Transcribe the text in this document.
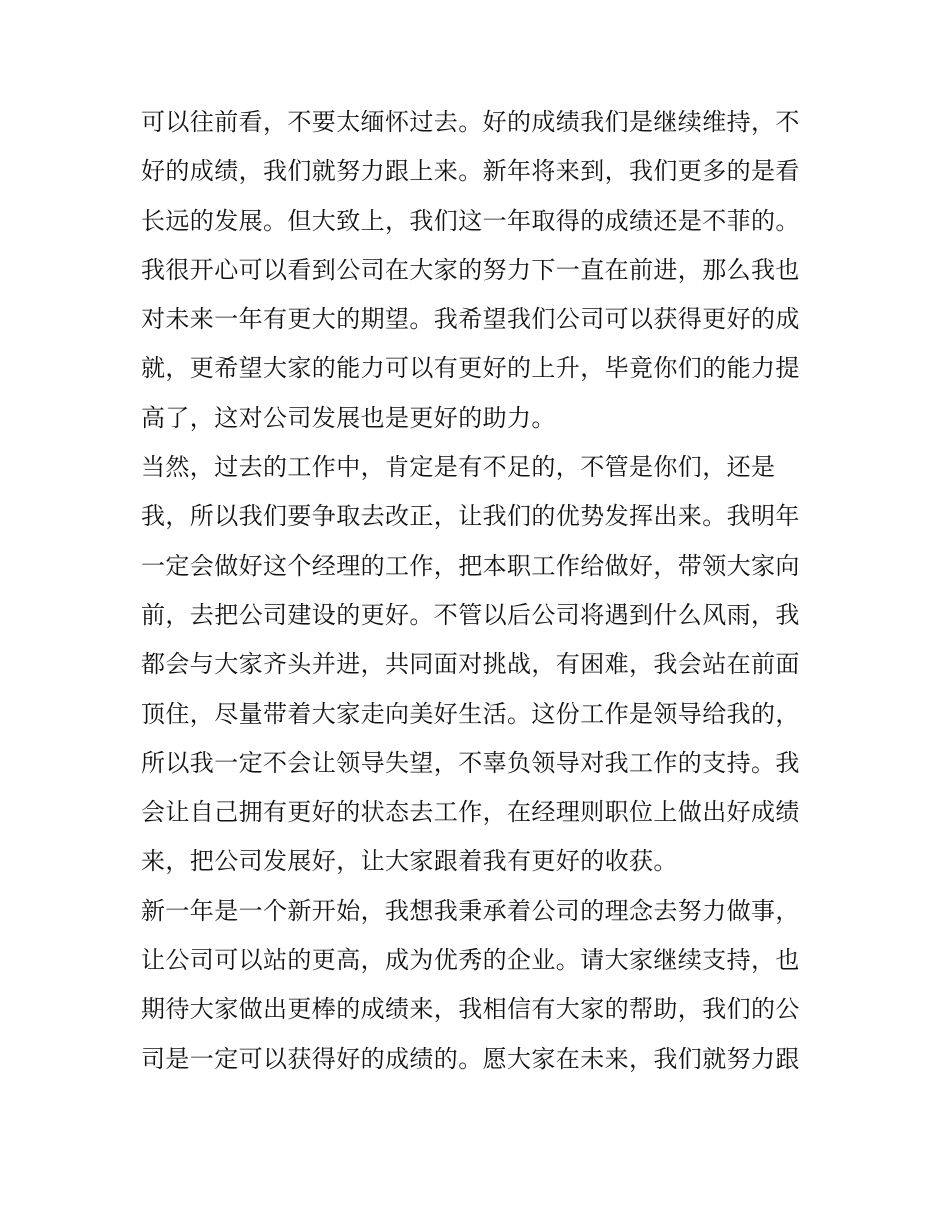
可以往前看，不要太缅怀过去。好的成绩我们是继续维持，不
好的成绩，我们就努力跟上来。新年将来到，我们更多的是看
长远的发展。但大致上，我们这一年取得的成绩还是不菲的。
我很开心可以看到公司在大家的努力下一直在前进，那么我也
对未来一年有更大的期望。我希望我们公司可以获得更好的成
就，更希望大家的能力可以有更好的上升，毕竟你们的能力提
高了，这对公司发展也是更好的助力。
当然，过去的工作中，肯定是有不足的，不管是你们，还是
我，所以我们要争取去改正，让我们的优势发挥出来。我明年
一定会做好这个经理的工作，把本职工作给做好，带领大家向
前，去把公司建设的更好。不管以后公司将遇到什么风雨，我
都会与大家齐头并进，共同面对挑战，有困难，我会站在前面
顶住，尽量带着大家走向美好生活。这份工作是领导给我的，
所以我一定不会让领导失望，不辜负领导对我工作的支持。我
会让自己拥有更好的状态去工作，在经理则职位上做出好成绩
来，把公司发展好，让大家跟着我有更好的收获。
新一年是一个新开始，我想我秉承着公司的理念去努力做事，
让公司可以站的更高，成为优秀的企业。请大家继续支持，也
期待大家做出更棒的成绩来，我相信有大家的帮助，我们的公
司是一定可以获得好的成绩的。愿大家在未来，我们就努力跟
